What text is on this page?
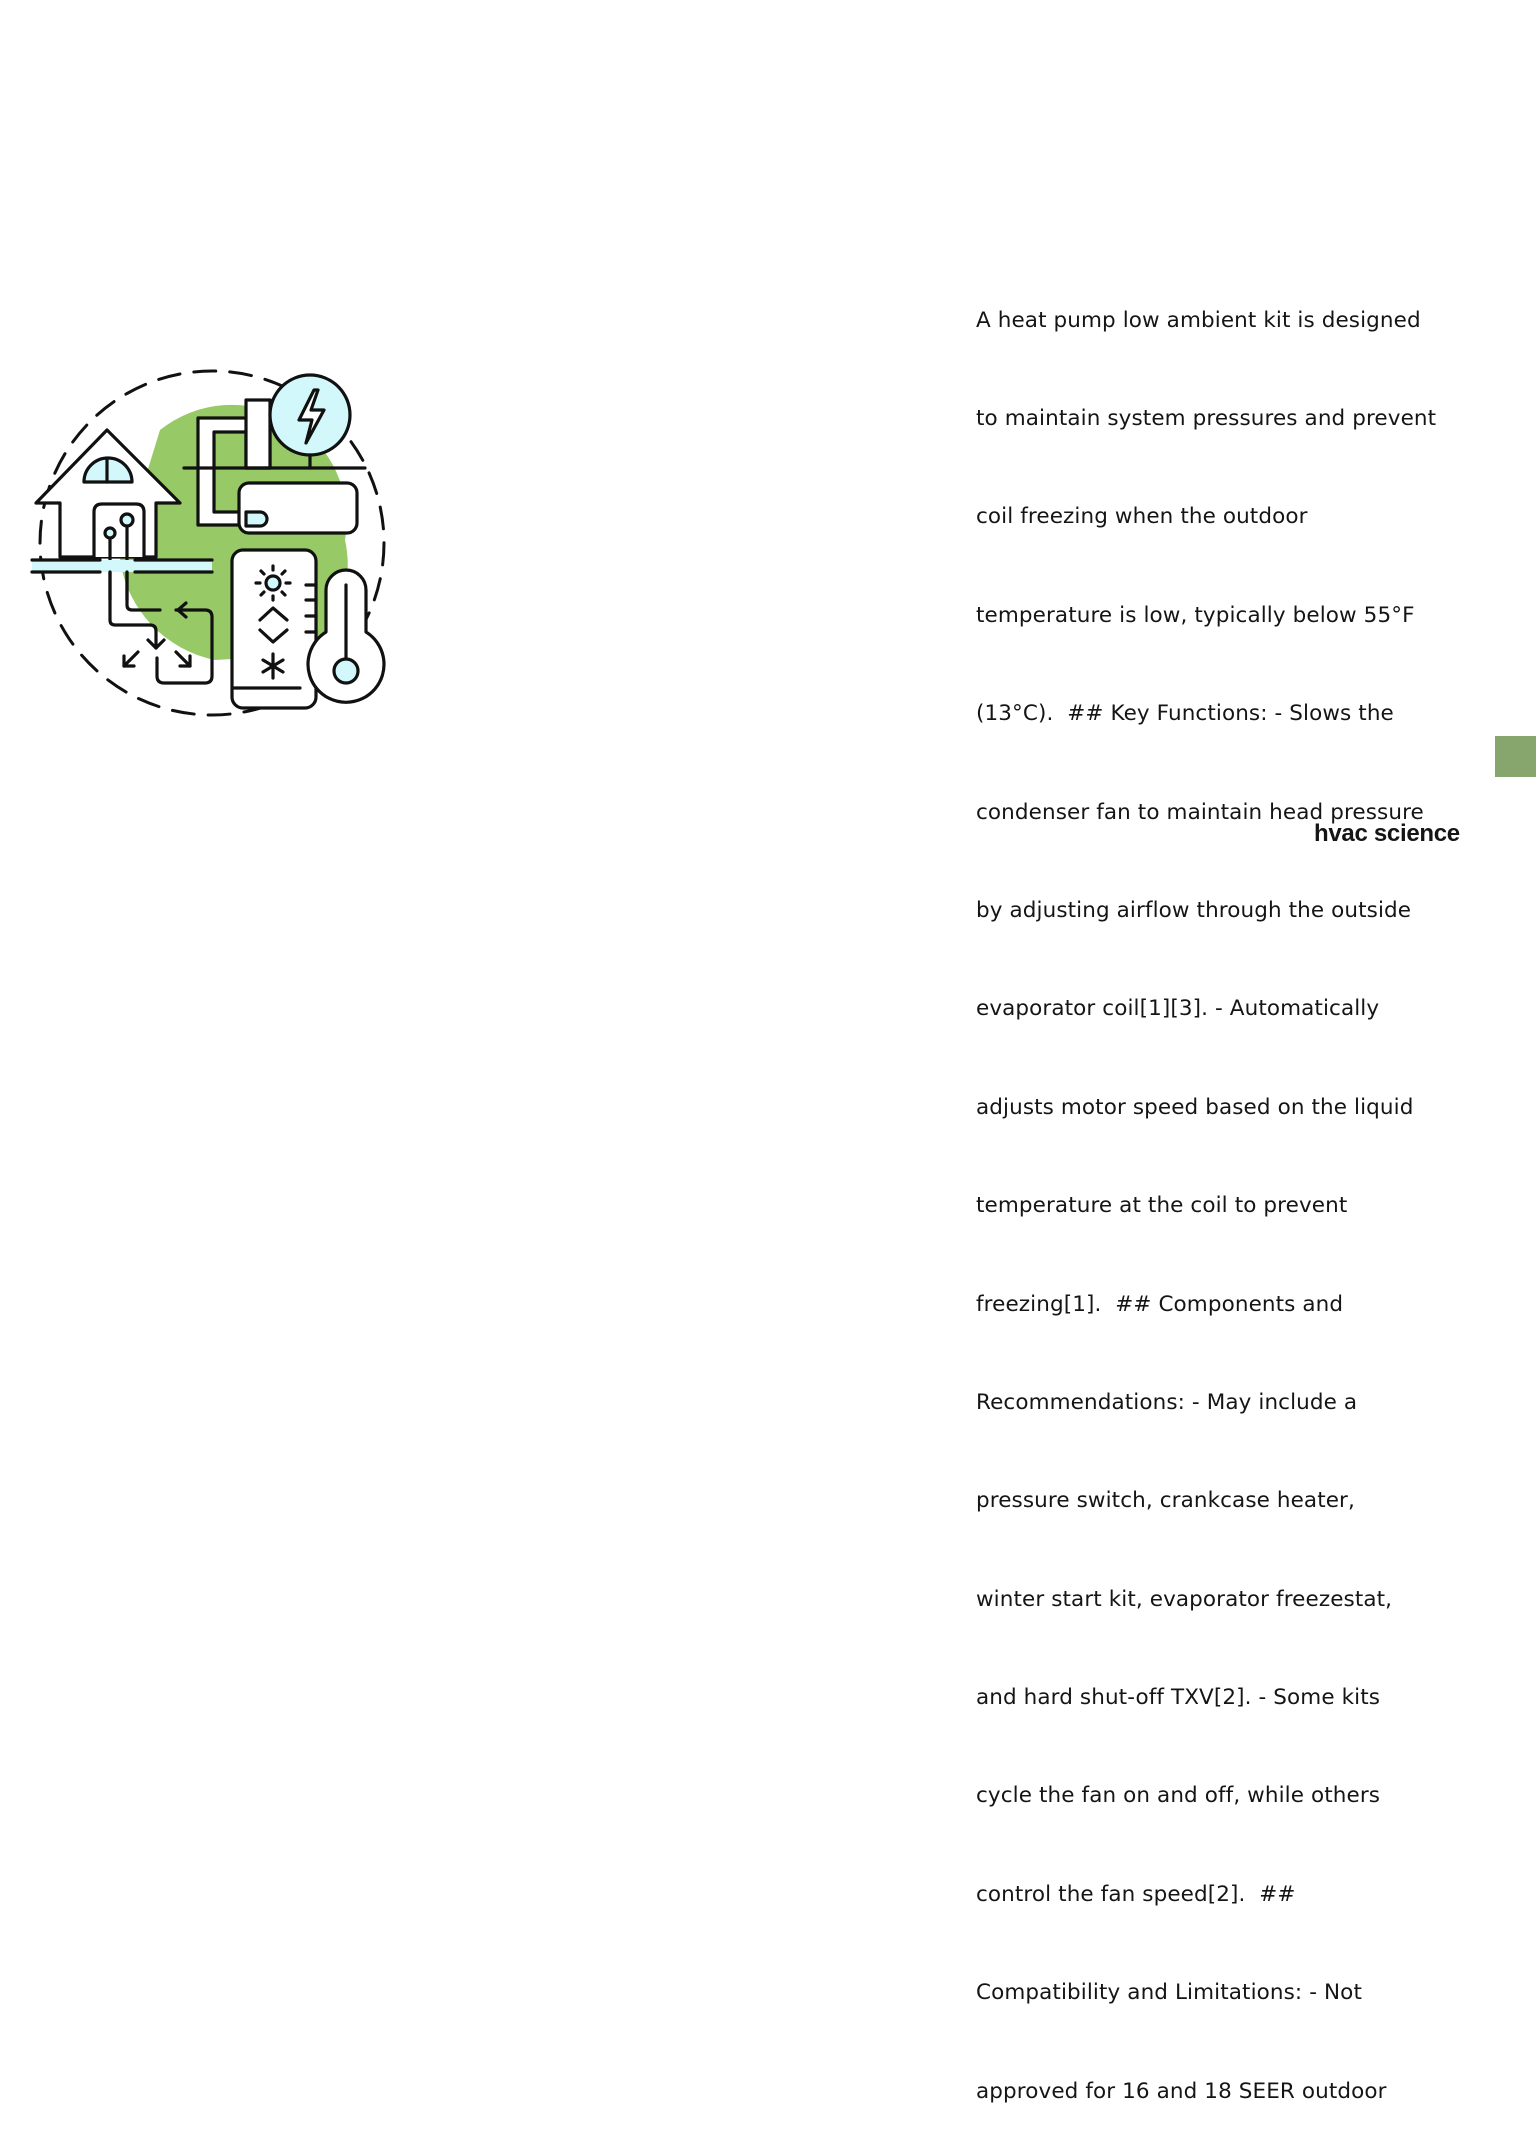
A heat pump low ambient kit is designed

to maintain system pressures and prevent

coil freezing when the outdoor

temperature is low, typically below 55°F

(13°C).  ## Key Functions: - Slows the

condenser fan to maintain head pressure

by adjusting airflow through the outside

evaporator coil[1][3]. - Automatically

adjusts motor speed based on the liquid

temperature at the coil to prevent

freezing[1].  ## Components and

Recommendations: - May include a

pressure switch, crankcase heater,

winter start kit, evaporator freezestat,

and hard shut-off TXV[2]. - Some kits

cycle the fan on and off, while others

control the fan speed[2].  ##

Compatibility and Limitations: - Not

approved for 16 and 18 SEER outdoor

hvac science
